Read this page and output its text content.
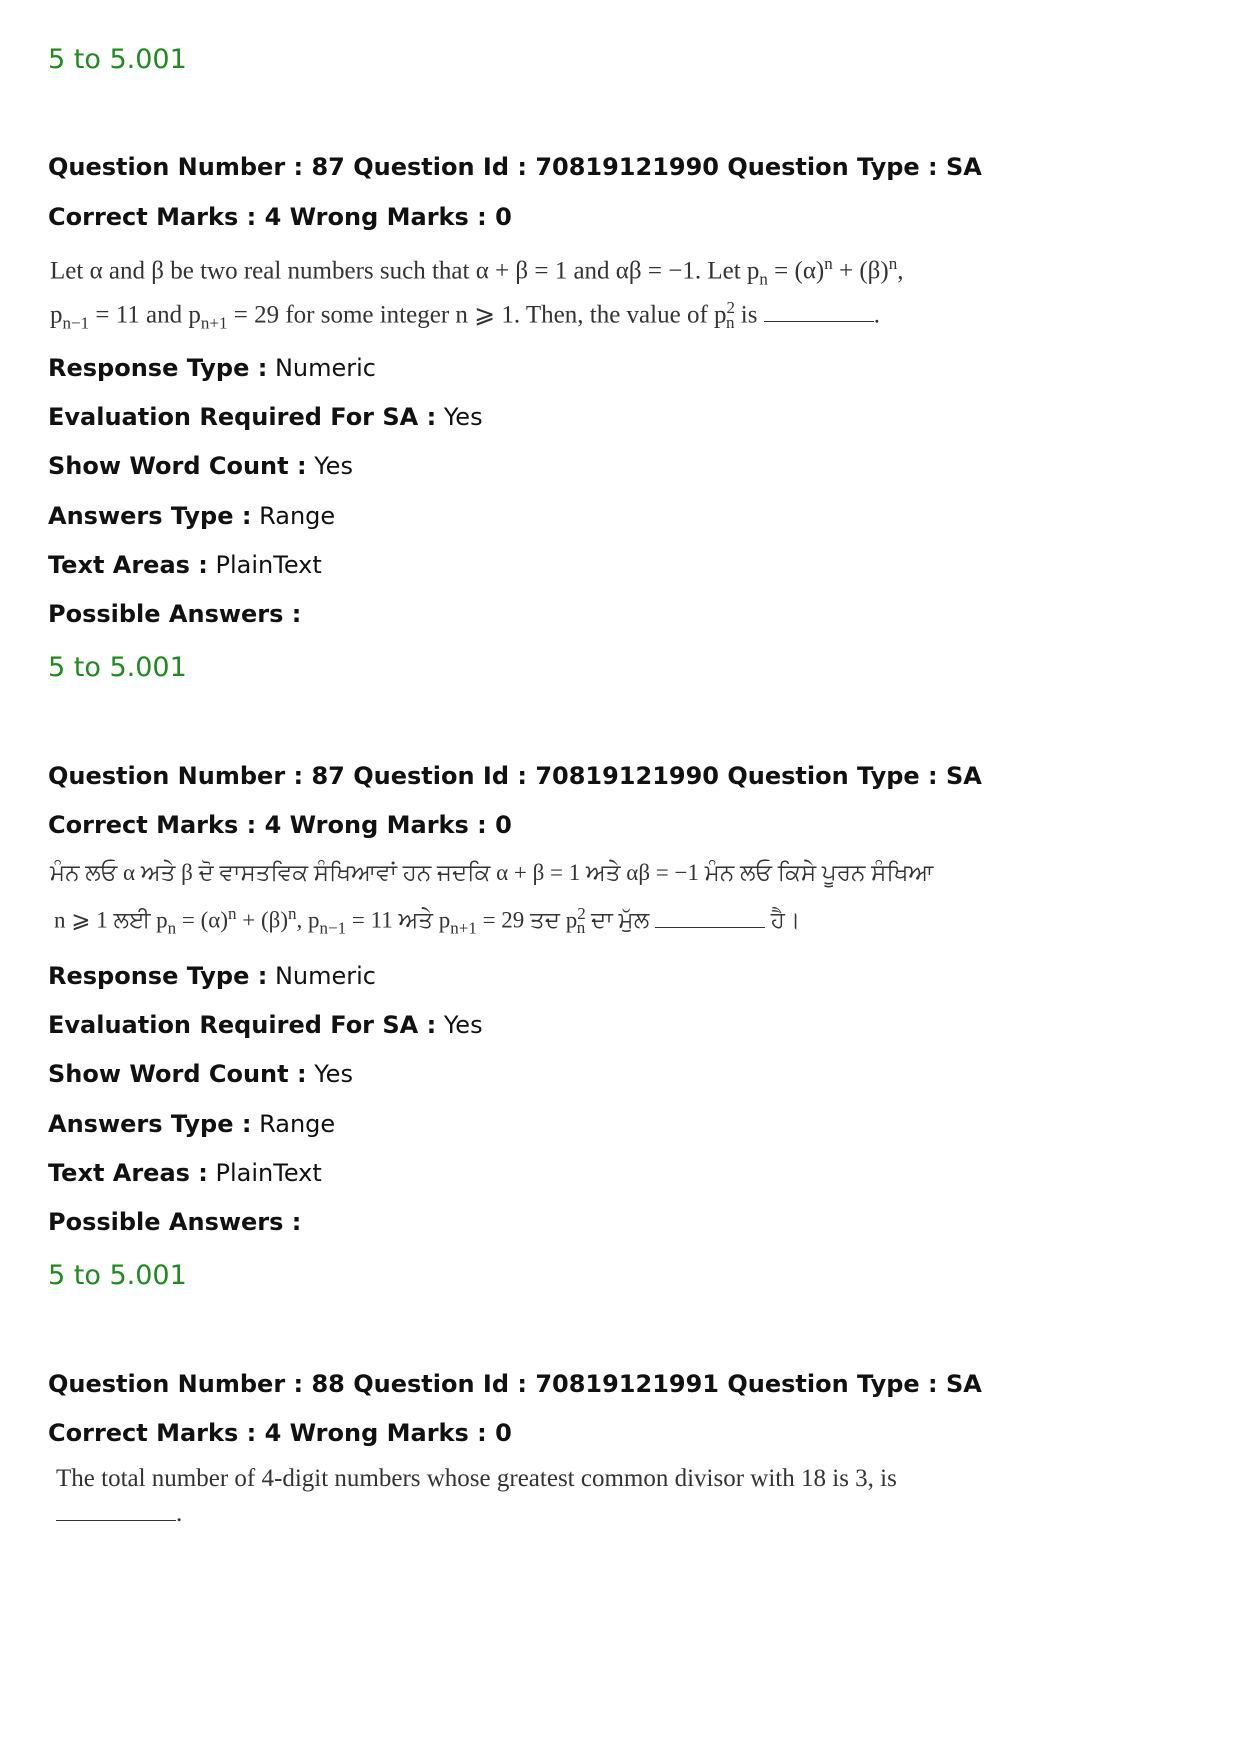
5 to 5.001
Question Number : 87 Question Id : 70819121990 Question Type : SA
Correct Marks : 4 Wrong Marks : 0
Let α and β be two real numbers such that α + β = 1 and αβ = −1. Let $p_n = (\alpha)^n + (\beta)^n$,
$p_{n-1} = 11$ and $p_{n+1} = 29$ for some integer n ⩾ 1. Then, the value of $p^2_n$ is	.
Response Type : Numeric
Evaluation Required For SA : Yes
Show Word Count : Yes
Answers Type : Range
Text Areas : PlainText
Possible Answers :
5 to 5.001
Question Number : 87 Question Id : 70819121990 Question Type : SA
Correct Marks : 4 Wrong Marks : 0
ਮੰਨ ਲਓ α ਅਤੇ β ਦੋ ਵਾਸਤਵਿਕ ਸੰਖਿਆਵਾਂ ਹਨ ਜਦਕਿ α + β = 1 ਅਤੇ αβ = −1 ਮੰਨ ਲਓ ਕਿਸੇ ਪੂਰਨ ਸੰਖਿਆ
n ⩾ 1 ਲਈ $p_n = (\alpha)^n + (\beta)^n$, $p_{n-1} = 11$ ਅਤੇ $p_{n+1} = 29$ ਤਦ $p^2_n$ ਦਾ ਮੁੱਲ	ਹੈ।
Response Type : Numeric
Evaluation Required For SA : Yes
Show Word Count : Yes
Answers Type : Range
Text Areas : PlainText
Possible Answers :
5 to 5.001
Question Number : 88 Question Id : 70819121991 Question Type : SA
Correct Marks : 4 Wrong Marks : 0
The total number of 4-digit numbers whose greatest common divisor with 18 is 3, is
.
